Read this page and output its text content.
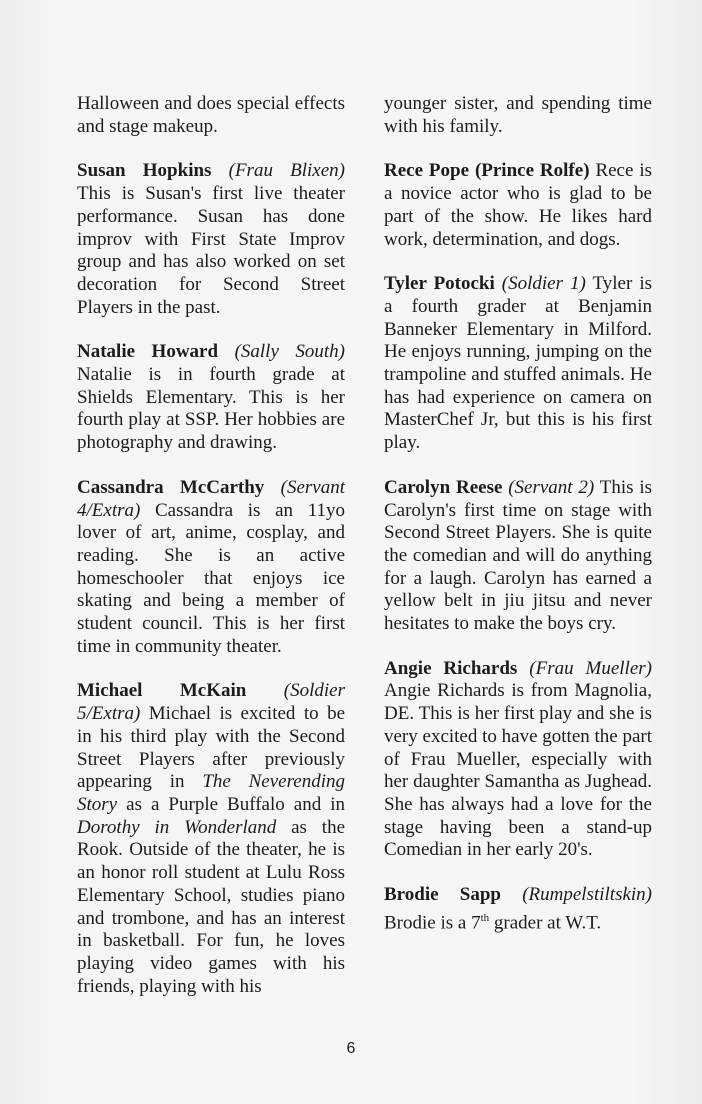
Halloween and does special effects and stage makeup.

Susan Hopkins (Frau Blixen) This is Susan's first live theater performance. Susan has done improv with First State Improv group and has also worked on set decoration for Second Street Players in the past.

Natalie Howard (Sally South) Natalie is in fourth grade at Shields Elementary. This is her fourth play at SSP. Her hobbies are photography and drawing.

Cassandra McCarthy (Servant 4/Extra) Cassandra is an 11yo lover of art, anime, cosplay, and reading. She is an active homeschooler that enjoys ice skating and being a member of student council. This is her first time in community theater.

Michael McKain (Soldier 5/Extra) Michael is excited to be in his third play with the Second Street Players after previously appearing in The Neverending Story as a Purple Buffalo and in Dorothy in Wonderland as the Rook. Outside of the theater, he is an honor roll student at Lulu Ross Elementary School, studies piano and trombone, and has an interest in basketball. For fun, he loves playing video games with his friends, playing with his

younger sister, and spending time with his family.

Rece Pope (Prince Rolfe) Rece is a novice actor who is glad to be part of the show. He likes hard work, determination, and dogs.

Tyler Potocki (Soldier 1) Tyler is a fourth grader at Benjamin Banneker Elementary in Milford. He enjoys running, jumping on the trampoline and stuffed animals. He has had experience on camera on MasterChef Jr, but this is his first play.

Carolyn Reese (Servant 2) This is Carolyn's first time on stage with Second Street Players. She is quite the comedian and will do anything for a laugh. Carolyn has earned a yellow belt in jiu jitsu and never hesitates to make the boys cry.

Angie Richards (Frau Mueller) Angie Richards is from Magnolia, DE. This is her first play and she is very excited to have gotten the part of Frau Mueller, especially with her daughter Samantha as Jughead. She has always had a love for the stage having been a stand-up Comedian in her early 20's.

Brodie Sapp (Rumpelstiltskin) Brodie is a 7th grader at W.T.

6
